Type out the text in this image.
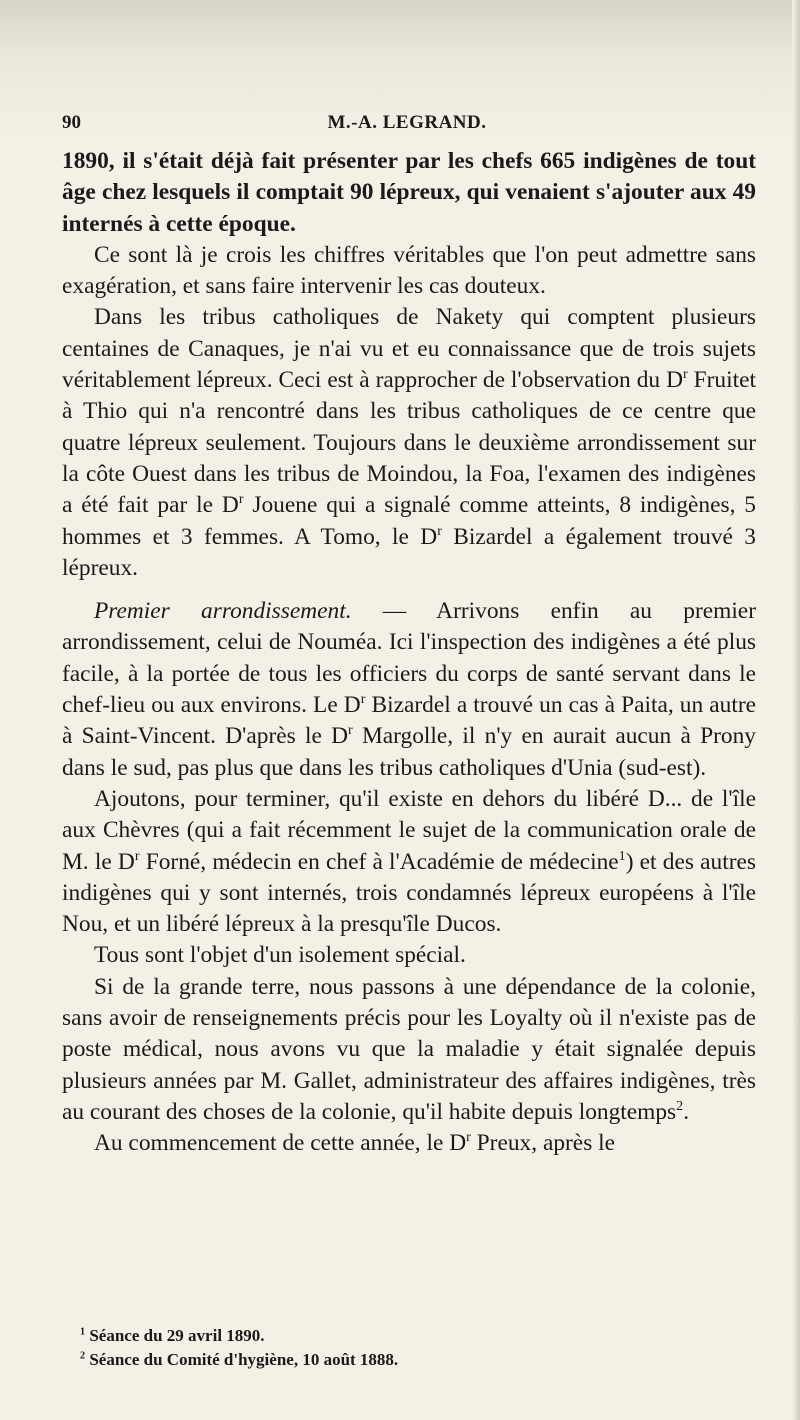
90	M.-A. LEGRAND.

1890, il s'était déjà fait présenter par les chefs 665 indigènes de tout âge chez lesquels il comptait 90 lépreux, qui venaient s'ajouter aux 49 internés à cette époque.

Ce sont là je crois les chiffres véritables que l'on peut admettre sans exagération, et sans faire intervenir les cas douteux.

Dans les tribus catholiques de Nakety qui comptent plusieurs centaines de Canaques, je n'ai vu et eu connaissance que de trois sujets véritablement lépreux. Ceci est à rapprocher de l'observation du $D^r$ Fruitet à Thio qui n'a rencontré dans les tribus catholiques de ce centre que quatre lépreux seulement. Toujours dans le deuxième arrondissement sur la côte Ouest dans les tribus de Moindou, la Foa, l'examen des indigènes a été fait par le $D^r$ Jouene qui a signalé comme atteints, 8 indigènes, 5 hommes et 3 femmes. A Tomo, le $D^r$ Bizardel a également trouvé 3 lépreux.

Premier arrondissement. — Arrivons enfin au premier arrondissement, celui de Nouméa. Ici l'inspection des indigènes a été plus facile, à la portée de tous les officiers du corps de santé servant dans le chef-lieu ou aux environs. Le $D^r$ Bizardel a trouvé un cas à Paita, un autre à Saint-Vincent. D'après le $D^r$ Margolle, il n'y en aurait aucun à Prony dans le sud, pas plus que dans les tribus catholiques d'Unia (sud-est).

Ajoutons, pour terminer, qu'il existe en dehors du libéré D... de l'île aux Chèvres (qui a fait récemment le sujet de la communication orale de M. le $D^r$ Forné, médecin en chef à l'Académie de médecine$^1$) et des autres indigènes qui y sont internés, trois condamnés lépreux européens à l'île Nou, et un libéré lépreux à la presqu'île Ducos.

Tous sont l'objet d'un isolement spécial.

Si de la grande terre, nous passons à une dépendance de la colonie, sans avoir de renseignements précis pour les Loyalty où il n'existe pas de poste médical, nous avons vu que la maladie y était signalée depuis plusieurs années par M. Gallet, administrateur des affaires indigènes, très au courant des choses de la colonie, qu'il habite depuis longtemps$^2$.

Au commencement de cette année, le $D^r$ Preux, après le

$^1$ Séance du 29 avril 1890.

$^2$ Séance du Comité d'hygiène, 10 août 1888.
